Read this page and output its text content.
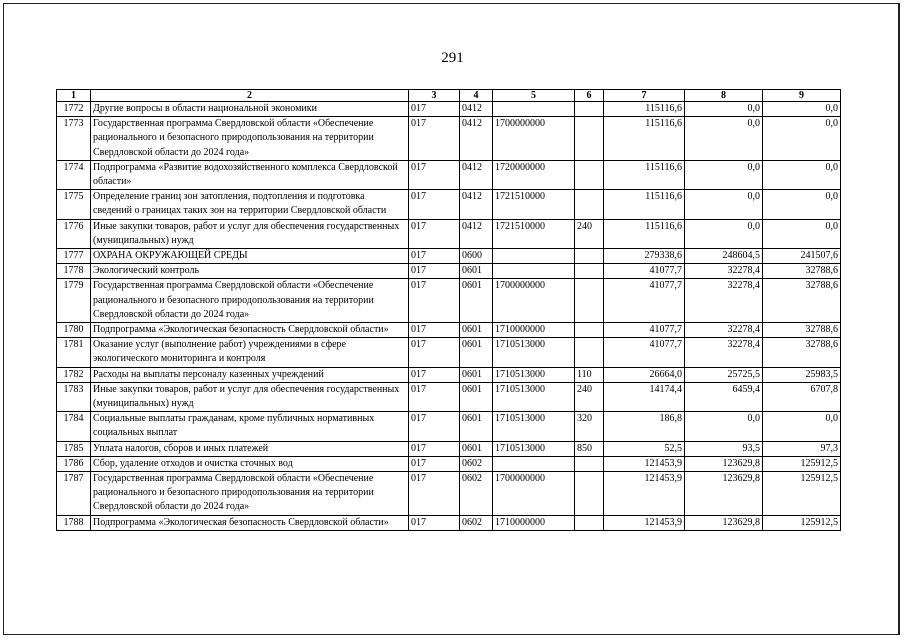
291
1	2	3	4	5	6	7	8	9
1772	Другие вопросы в области национальной экономики	017	0412			115116,6	0,0	0,0
1773	Государственная программа Свердловской области «Обеспечение рационального и безопасного природопользования на территории Свердловской области до 2024 года»	017	0412	1700000000		115116,6	0,0	0,0
1774	Подпрограмма «Развитие водохозяйственного комплекса Свердловской области»	017	0412	1720000000		115116,6	0,0	0,0
1775	Определение границ зон затопления, подтопления и подготовка сведений о границах таких зон на территории Свердловской области	017	0412	1721510000		115116,6	0,0	0,0
1776	Иные закупки товаров, работ и услуг для обеспечения государственных (муниципальных) нужд	017	0412	1721510000	240	115116,6	0,0	0,0
1777	ОХРАНА ОКРУЖАЮЩЕЙ СРЕДЫ	017	0600			279338,6	248604,5	241507,6
1778	Экологический контроль	017	0601			41077,7	32278,4	32788,6
1779	Государственная программа Свердловской области «Обеспечение рационального и безопасного природопользования на территории Свердловской области до 2024 года»	017	0601	1700000000		41077,7	32278,4	32788,6
1780	Подпрограмма «Экологическая безопасность Свердловской области»	017	0601	1710000000		41077,7	32278,4	32788,6
1781	Оказание услуг (выполнение работ) учреждениями в сфере экологического мониторинга и контроля	017	0601	1710513000		41077,7	32278,4	32788,6
1782	Расходы на выплаты персоналу казенных учреждений	017	0601	1710513000	110	26664,0	25725,5	25983,5
1783	Иные закупки товаров, работ и услуг для обеспечения государственных (муниципальных) нужд	017	0601	1710513000	240	14174,4	6459,4	6707,8
1784	Социальные выплаты гражданам, кроме публичных нормативных социальных выплат	017	0601	1710513000	320	186,8	0,0	0,0
1785	Уплата налогов, сборов и иных платежей	017	0601	1710513000	850	52,5	93,5	97,3
1786	Сбор, удаление отходов и очистка сточных вод	017	0602			121453,9	123629,8	125912,5
1787	Государственная программа Свердловской области «Обеспечение рационального и безопасного природопользования на территории Свердловской области до 2024 года»	017	0602	1700000000		121453,9	123629,8	125912,5
1788	Подпрограмма «Экологическая безопасность Свердловской области»	017	0602	1710000000		121453,9	123629,8	125912,5
